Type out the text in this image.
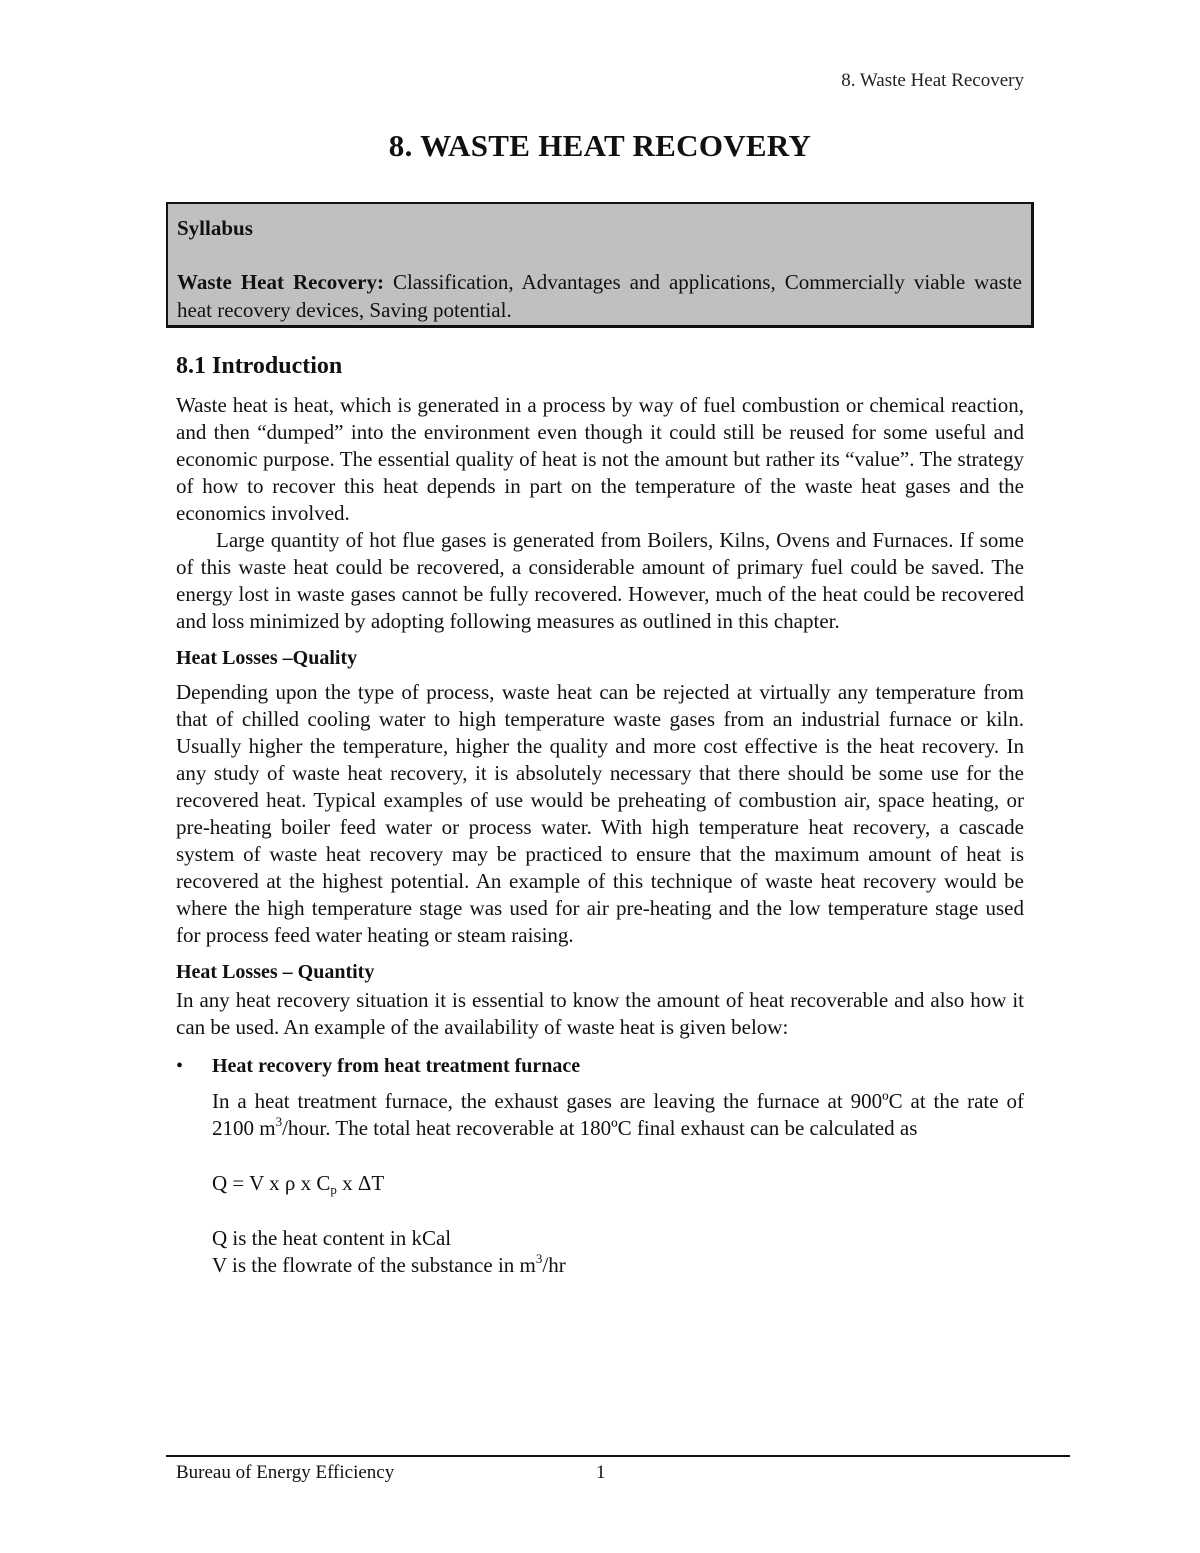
8. Waste Heat Recovery
8. WASTE HEAT RECOVERY
Syllabus
Waste Heat Recovery: Classification, Advantages and applications, Commercially viable waste heat recovery devices, Saving potential.
8.1 Introduction

Waste heat is heat, which is generated in a process by way of fuel combustion or chemical reaction, and then “dumped” into the environment even though it could still be reused for some useful and economic purpose. The essential quality of heat is not the amount but rather its “value”. The strategy of how to recover this heat depends in part on the temperature of the waste heat gases and the economics involved.

Large quantity of hot flue gases is generated from Boilers, Kilns, Ovens and Furnaces. If some of this waste heat could be recovered, a considerable amount of primary fuel could be saved. The energy lost in waste gases cannot be fully recovered. However, much of the heat could be recovered and loss minimized by adopting following measures as outlined in this chapter.

Heat Losses –Quality

Depending upon the type of process, waste heat can be rejected at virtually any temperature from that of chilled cooling water to high temperature waste gases from an industrial furnace or kiln. Usually higher the temperature, higher the quality and more cost effective is the heat recovery. In any study of waste heat recovery, it is absolutely necessary that there should be some use for the recovered heat. Typical examples of use would be preheating of combustion air, space heating, or pre-heating boiler feed water or process water. With high temperature heat recovery, a cascade system of waste heat recovery may be practiced to ensure that the maximum amount of heat is recovered at the highest potential. An example of this technique of waste heat recovery would be where the high temperature stage was used for air pre-heating and the low temperature stage used for process feed water heating or steam raising.

Heat Losses – Quantity

In any heat recovery situation it is essential to know the amount of heat recoverable and also how it can be used. An example of the availability of waste heat is given below:

•	Heat recovery from heat treatment furnace

In a heat treatment furnace, the exhaust gases are leaving the furnace at 900ºC at the rate of 2100 $m^3$/hour. The total heat recoverable at 180ºC final exhaust can be calculated as

Q = V x ρ x $C_p$ x ΔT

Q is the heat content in kCal

V is the flowrate of the substance in $m^3/hr$

Bureau of Energy Efficiency	1
